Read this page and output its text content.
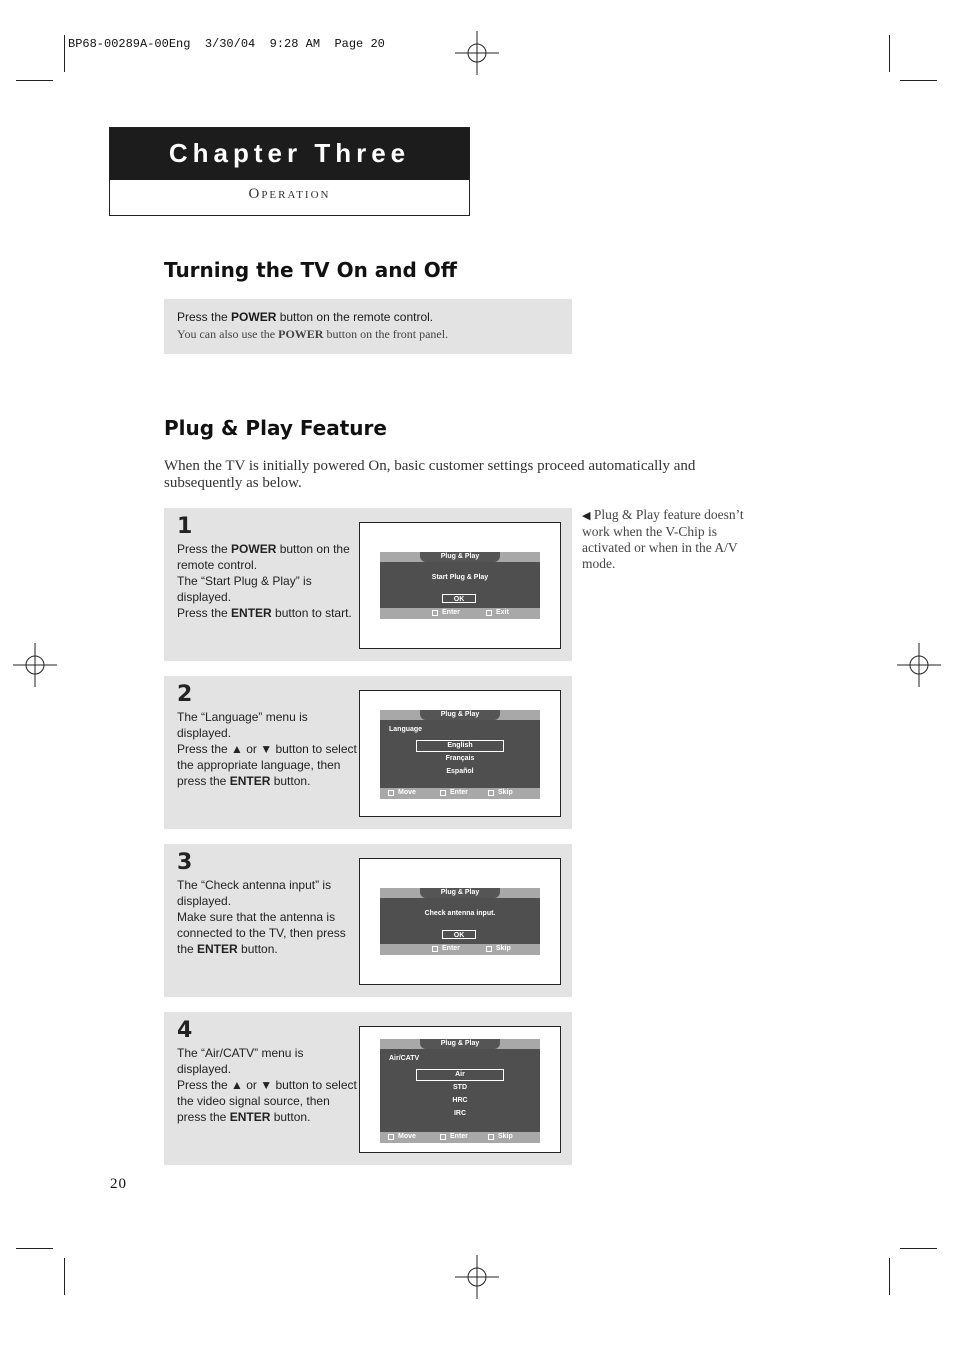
BP68-00289A-00Eng  3/30/04  9:28 AM  Page 20
Chapter Three
Operation
Turning the TV On and Off
Press the POWER button on the remote control.
You can also use the POWER button on the front panel.
Plug & Play Feature
When the TV is initially powered On, basic customer settings proceed automatically and subsequently as below.
◀ Plug & Play feature doesn’t work when the V-Chip is activated or when in the A/V mode.
1
Press the POWER button on the remote control.
The “Start Plug & Play” is displayed.
Press the ENTER button to start.
Plug & Play
Start Plug & Play
OK
Enter	Exit
2
The “Language” menu is displayed.
Press the ▲ or ▼ button to select the appropriate language, then press the ENTER button.
Plug & Play
Language
English
Français
Español
Move	Enter	Skip
3
The “Check antenna input” is displayed.
Make sure that the antenna is connected to the TV, then press the ENTER button.
Plug & Play
Check antenna input.
OK
Enter	Skip
4
The “Air/CATV” menu is displayed.
Press the ▲ or ▼ button to select the video signal source, then press the ENTER button.
Plug & Play
Air/CATV
Air
STD
HRC
IRC
Move	Enter	Skip
20
